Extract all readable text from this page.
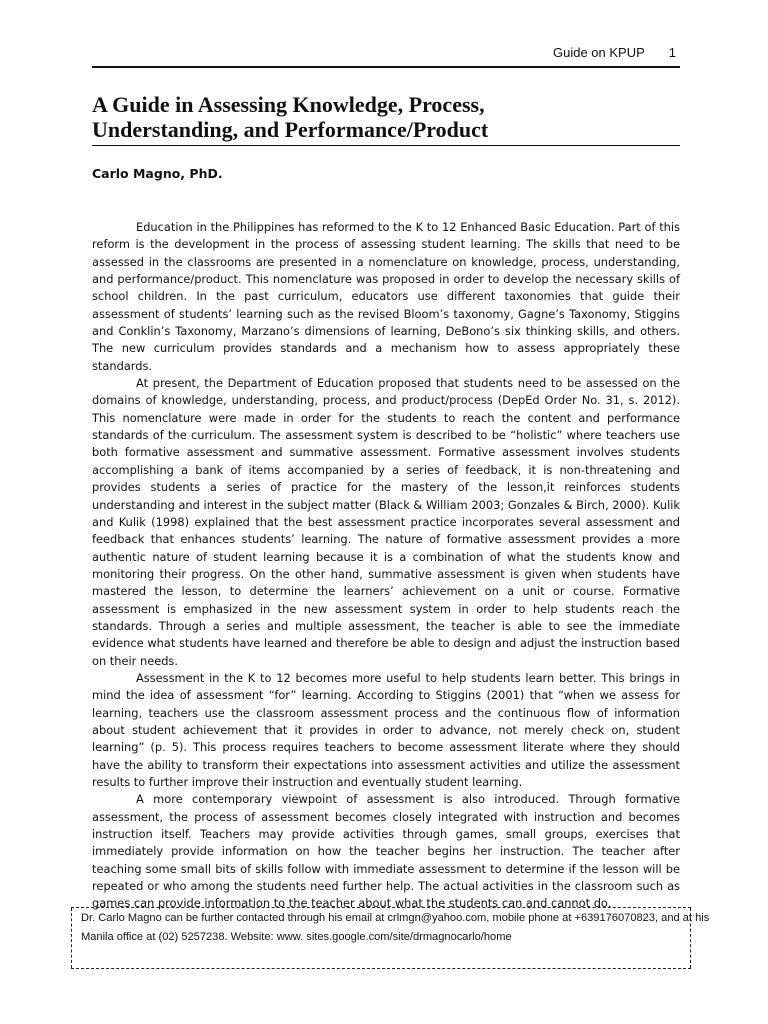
Guide on KPUP 1
A Guide in Assessing Knowledge, Process,
Understanding, and Performance/Product
Carlo Magno, PhD.

Education in the Philippines has reformed to the K to 12 Enhanced Basic Education. Part of this reform is the development in the process of assessing student learning. The skills that need to be assessed in the classrooms are presented in a nomenclature on knowledge, process, understanding, and performance/product. This nomenclature was proposed in order to develop the necessary skills of school children. In the past curriculum, educators use different taxonomies that guide their assessment of students’ learning such as the revised Bloom’s taxonomy, Gagne’s Taxonomy, Stiggins and Conklin’s Taxonomy, Marzano’s dimensions of learning, DeBono’s six thinking skills, and others. The new curriculum provides standards and a mechanism how to assess appropriately these standards.

At present, the Department of Education proposed that students need to be assessed on the domains of knowledge, understanding, process, and product/process (DepEd Order No. 31, s. 2012). This nomenclature were made in order for the students to reach the content and performance standards of the curriculum. The assessment system is described to be “holistic” where teachers use both formative assessment and summative assessment. Formative assessment involves students accomplishing a bank of items accompanied by a series of feedback, it is non-threatening and provides students a series of practice for the mastery of the lesson,it reinforces students understanding and interest in the subject matter (Black & William 2003; Gonzales & Birch, 2000). Kulik and Kulik (1998) explained that the best assessment practice incorporates several assessment and feedback that enhances students’ learning. The nature of formative assessment provides a more authentic nature of student learning because it is a combination of what the students know and monitoring their progress. On the other hand, summative assessment is given when students have mastered the lesson, to determine the learners’ achievement on a unit or course. Formative assessment is emphasized in the new assessment system in order to help students reach the standards. Through a series and multiple assessment, the teacher is able to see the immediate evidence what students have learned and therefore be able to design and adjust the instruction based on their needs.

Assessment in the K to 12 becomes more useful to help students learn better. This brings in mind the idea of assessment “for” learning. According to Stiggins (2001) that “when we assess for learning, teachers use the classroom assessment process and the continuous flow of information about student achievement that it provides in order to advance, not merely check on, student learning” (p. 5). This process requires teachers to become assessment literate where they should have the ability to transform their expectations into assessment activities and utilize the assessment results to further improve their instruction and eventually student learning.

A more contemporary viewpoint of assessment is also introduced. Through formative assessment, the process of assessment becomes closely integrated with instruction and becomes instruction itself. Teachers may provide activities through games, small groups, exercises that immediately provide information on how the teacher begins her instruction. The teacher after teaching some small bits of skills follow with immediate assessment to determine if the lesson will be repeated or who among the students need further help. The actual activities in the classroom such as games can provide information to the teacher about what the students can and cannot do.

Dr. Carlo Magno can be further contacted through his email at crlmgn@yahoo.com, mobile phone at +639176070823, and at his
Manila office at (02) 5257238. Website: www. sites.google.com/site/drmagnocarlo/home
